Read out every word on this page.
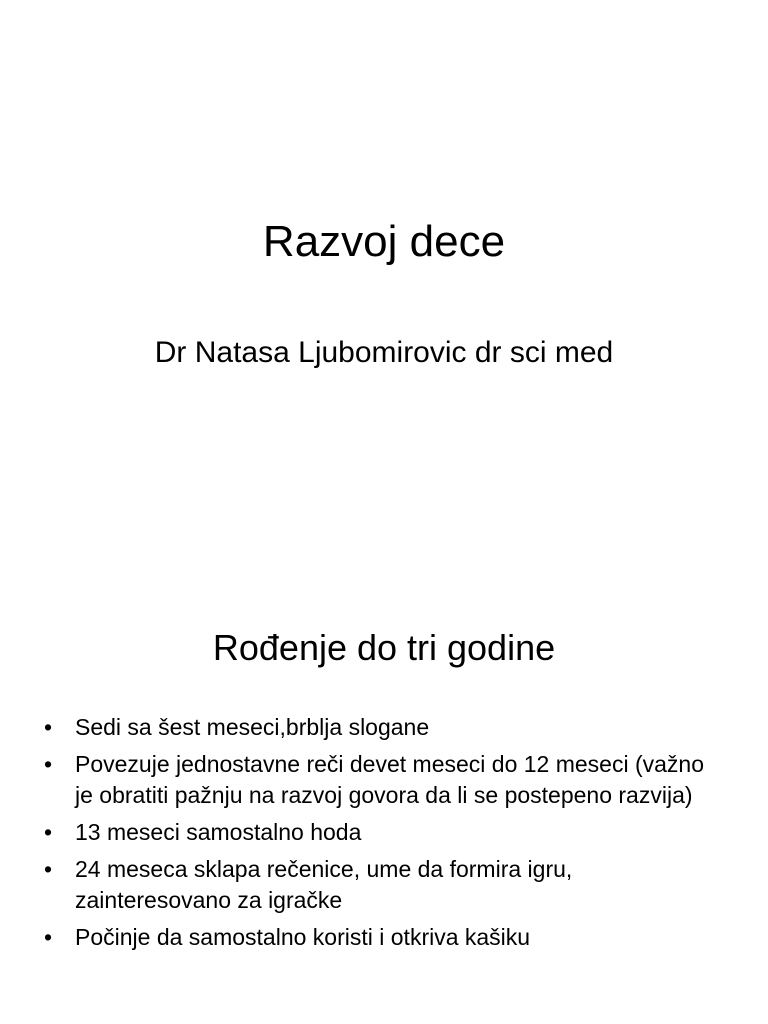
Razvoj dece

Dr Natasa Ljubomirovic dr sci med

Rođenje do tri godine
• Sedi sa šest meseci,brblja slogane
• Povezuje jednostavne reči devet meseci do 12 meseci (važno je obratiti pažnju na razvoj govora da li se postepeno razvija)
• 13 meseci samostalno hoda
• 24 meseca sklapa rečenice, ume da formira igru, zainteresovano za igračke
• Počinje da samostalno koristi i otkriva kašiku
